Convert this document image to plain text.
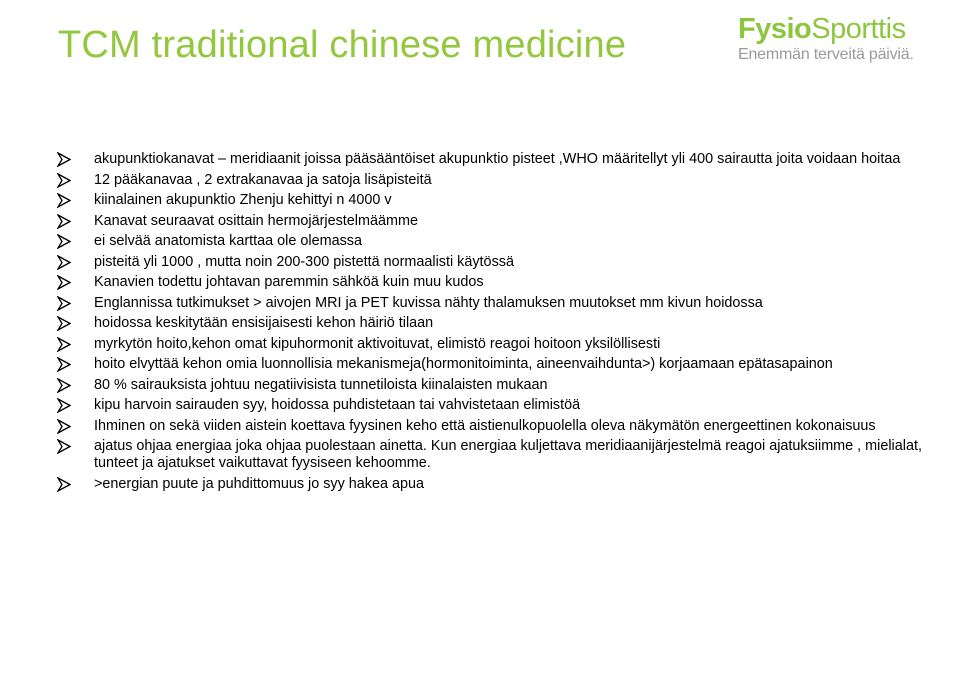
TCM traditional chinese medicine	FysioSporttis
Enemmän terveitä päiviä.
akupunktiokanavat – meridiaanit joissa pääsääntöiset akupunktio pisteet ,WHO määritellyt yli 400 sairautta joita voidaan hoitaa
12 pääkanavaa , 2 extrakanavaa ja satoja lisäpisteitä
kiinalainen akupunktio Zhenju kehittyi n 4000 v
Kanavat seuraavat osittain hermojärjestelmäämme
ei selvää anatomista karttaa ole olemassa
pisteitä yli 1000 , mutta noin 200-300 pistettä normaalisti käytössä
Kanavien todettu johtavan paremmin sähköä kuin muu kudos
Englannissa tutkimukset > aivojen MRI ja PET kuvissa nähty thalamuksen muutokset mm kivun hoidossa
hoidossa keskitytään ensisijaisesti kehon häiriö tilaan
myrkytön hoito,kehon omat kipuhormonit aktivoituvat, elimistö reagoi hoitoon yksilöllisesti
hoito elvyttää kehon omia luonnollisia mekanismeja(hormonitoiminta, aineenvaihdunta>) korjaamaan epätasapainon
80 % sairauksista johtuu negatiivisista tunnetiloista kiinalaisten mukaan
kipu harvoin sairauden syy, hoidossa puhdistetaan tai vahvistetaan elimistöä
Ihminen on sekä viiden aistein koettava fyysinen keho että aistienulkopuolella oleva näkymätön energeettinen kokonaisuus
ajatus ohjaa energiaa joka ohjaa puolestaan ainetta. Kun energiaa kuljettava meridiaanijärjestelmä reagoi ajatuksiimme , mielialat, tunteet ja ajatukset vaikuttavat fyysiseen kehoomme.
>energian puute ja puhdittomuus jo syy hakea apua
